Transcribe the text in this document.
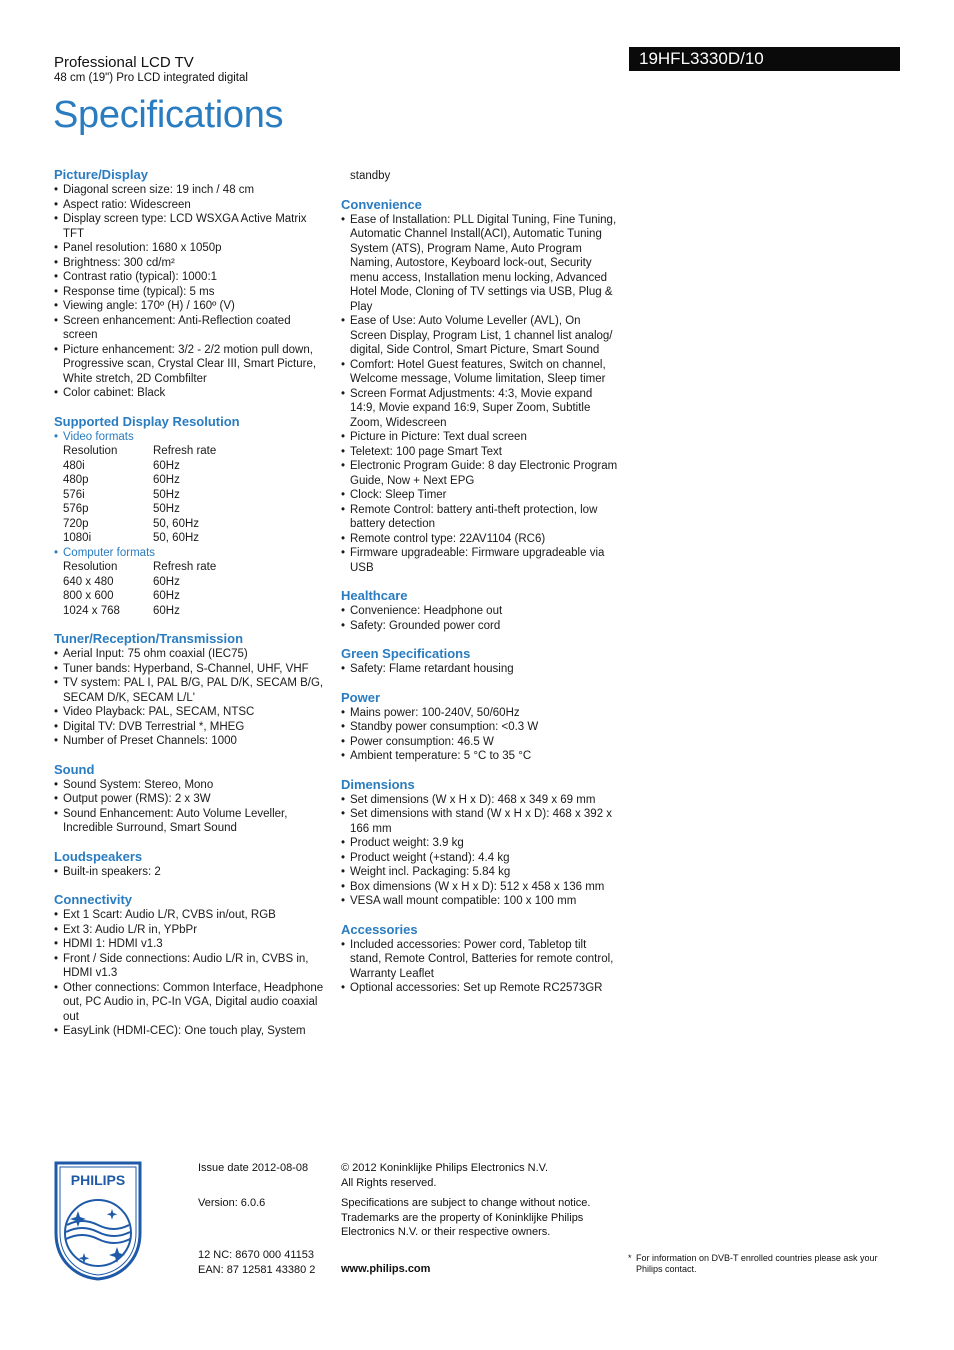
Professional LCD TV
48 cm (19") Pro LCD integrated digital
Specifications
19HFL3330D/10
Picture/Display
• Diagonal screen size: 19 inch / 48 cm
• Aspect ratio: Widescreen
• Display screen type: LCD WSXGA Active Matrix TFT
• Panel resolution: 1680 x 1050p
• Brightness: 300 cd/m²
• Contrast ratio (typical): 1000:1
• Response time (typical): 5 ms
• Viewing angle: 170º (H) / 160º (V)
• Screen enhancement: Anti-Reflection coated screen
• Picture enhancement: 3/2 - 2/2 motion pull down, Progressive scan, Crystal Clear III, Smart Picture, White stretch, 2D Combfilter
• Color cabinet: Black
Supported Display Resolution
• Video formats
Resolution	Refresh rate
480i	60Hz
480p	60Hz
576i	50Hz
576p	50Hz
720p	50, 60Hz
1080i	50, 60Hz
• Computer formats
Resolution	Refresh rate
640 x 480	60Hz
800 x 600	60Hz
1024 x 768	60Hz
Tuner/Reception/Transmission
• Aerial Input: 75 ohm coaxial (IEC75)
• Tuner bands: Hyperband, S-Channel, UHF, VHF
• TV system: PAL I, PAL B/G, PAL D/K, SECAM B/G, SECAM D/K, SECAM L/L'
• Video Playback: PAL, SECAM, NTSC
• Digital TV: DVB Terrestrial *, MHEG
• Number of Preset Channels: 1000
Sound
• Sound System: Stereo, Mono
• Output power (RMS): 2 x 3W
• Sound Enhancement: Auto Volume Leveller, Incredible Surround, Smart Sound
Loudspeakers
• Built-in speakers: 2
Connectivity
• Ext 1 Scart: Audio L/R, CVBS in/out, RGB
• Ext 3: Audio L/R in, YPbPr
• HDMI 1: HDMI v1.3
• Front / Side connections: Audio L/R in, CVBS in, HDMI v1.3
• Other connections: Common Interface, Headphone out, PC Audio in, PC-In VGA, Digital audio coaxial out
• EasyLink (HDMI-CEC): One touch play, System
standby
Convenience
• Ease of Installation: PLL Digital Tuning, Fine Tuning, Automatic Channel Install(ACI), Automatic Tuning System (ATS), Program Name, Auto Program Naming, Autostore, Keyboard lock-out, Security menu access, Installation menu locking, Advanced Hotel Mode, Cloning of TV settings via USB, Plug & Play
• Ease of Use: Auto Volume Leveller (AVL), On Screen Display, Program List, 1 channel list analog/ digital, Side Control, Smart Picture, Smart Sound
• Comfort: Hotel Guest features, Switch on channel, Welcome message, Volume limitation, Sleep timer
• Screen Format Adjustments: 4:3, Movie expand 14:9, Movie expand 16:9, Super Zoom, Subtitle Zoom, Widescreen
• Picture in Picture: Text dual screen
• Teletext: 100 page Smart Text
• Electronic Program Guide: 8 day Electronic Program Guide, Now + Next EPG
• Clock: Sleep Timer
• Remote Control: battery anti-theft protection, low battery detection
• Remote control type: 22AV1104 (RC6)
• Firmware upgradeable: Firmware upgradeable via USB
Healthcare
• Convenience: Headphone out
• Safety: Grounded power cord
Green Specifications
• Safety: Flame retardant housing
Power
• Mains power: 100-240V, 50/60Hz
• Standby power consumption: <0.3 W
• Power consumption: 46.5 W
• Ambient temperature: 5 °C to 35 °C
Dimensions
• Set dimensions (W x H x D): 468 x 349 x 69 mm
• Set dimensions with stand (W x H x D): 468 x 392 x 166 mm
• Product weight: 3.9 kg
• Product weight (+stand): 4.4 kg
• Weight incl. Packaging: 5.84 kg
• Box dimensions (W x H x D): 512 x 458 x 136 mm
• VESA wall mount compatible: 100 x 100 mm
Accessories
• Included accessories: Power cord, Tabletop tilt stand, Remote Control, Batteries for remote control, Warranty Leaflet
• Optional accessories: Set up Remote RC2573GR
PHILIPS
Issue date 2012-08-08
Version: 6.0.6
12 NC: 8670 000 41153
EAN: 87 12581 43380 2
© 2012 Koninklijke Philips Electronics N.V.
All Rights reserved.
Specifications are subject to change without notice. Trademarks are the property of Koninklijke Philips Electronics N.V. or their respective owners.
www.philips.com
* For information on DVB-T enrolled countries please ask your Philips contact.
